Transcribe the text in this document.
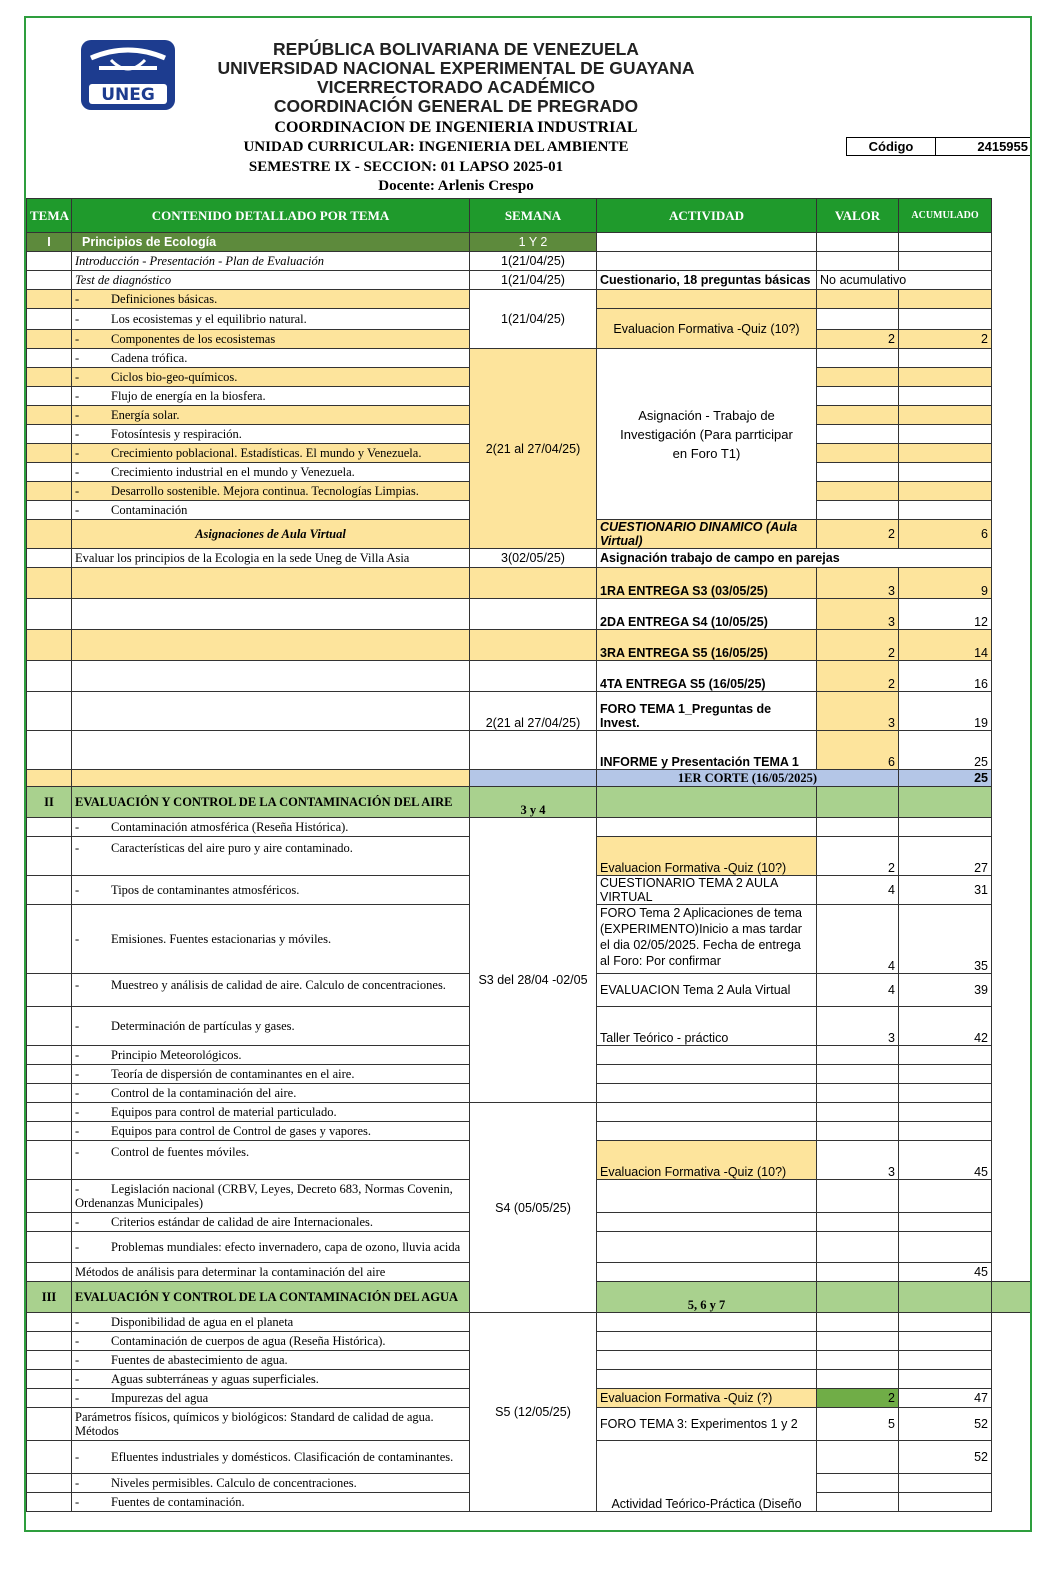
UNEG
REPÚBLICA BOLIVARIANA DE VENEZUELA
UNIVERSIDAD NACIONAL EXPERIMENTAL DE GUAYANA
VICERRECTORADO ACADÉMICO
COORDINACIÓN GENERAL DE PREGRADO
COORDINACION DE INGENIERIA INDUSTRIAL
UNIDAD CURRICULAR: INGENIERIA DEL AMBIENTE
SEMESTRE IX - SECCION: 01 LAPSO 2025-01
Docente: Arlenis Crespo
Código	2415955
TEMA	CONTENIDO DETALLADO POR TEMA	SEMANA	ACTIVIDAD	VALOR	ACUMULADO	
I	Principios de Ecología	1 Y 2				
	Introducción - Presentación - Plan de Evaluación	1(21/04/25)				
	Test de diagnóstico	1(21/04/25)	Cuestionario, 18 preguntas básicas	No acumulativo		
	- Definiciones básicas.	1(21/04/25)				
	- Los ecosistemas y el equilibrio natural.		Evaluacion Formativa -Quiz (10?)			
	- Componentes de los ecosistemas			2	2	
	- Cadena trófica.	2(21 al 27/04/25)	Asignación - Trabajo de Investigación (Para parrticipar en Foro T1)			
	- Ciclos bio-geo-químicos.		
	- Flujo de energía en la biosfera.		
	- Energía solar.		
	- Fotosíntesis y respiración.		
	- Crecimiento poblacional. Estadísticas. El mundo y Venezuela.		
	- Crecimiento industrial en el mundo y Venezuela.		
	- Desarrollo sostenible. Mejora continua. Tecnologías Limpias.		
	- Contaminación		
	Asignaciones de Aula Virtual		CUESTIONARIO DINAMICO (Aula Virtual)	2	6	
	Evaluar los principios de la Ecologia en la sede Uneg de Villa Asia	3(02/05/25)	Asignación trabajo de campo en parejas			
			1RA ENTREGA S3 (03/05/25)	3	9	
			2DA ENTREGA S4 (10/05/25)	3	12	
			3RA ENTREGA S5 (16/05/25)	2	14	
			4TA ENTREGA S5 (16/05/25)	2	16	
		2(21 al 27/04/25)	FORO TEMA 1_Preguntas de Invest.	3	19	
			INFORME y Presentación TEMA 1	6	25	
			1ER CORTE (16/05/2025)		25	
II	EVALUACIÓN Y CONTROL DE LA CONTAMINACIÓN DEL AIRE	3 y 4				
	- Contaminación atmosférica (Reseña Histórica).	S3 del 28/04 -02/05				
	- Características del aire puro y aire contaminado.		Evaluacion Formativa -Quiz (10?)	2	27	
	- Tipos de contaminantes atmosféricos.		CUESTIONARIO TEMA 2 AULA VIRTUAL	4	31	
	- Emisiones. Fuentes estacionarias y móviles.		FORO Tema 2 Aplicaciones de tema (EXPERIMENTO)Inicio a mas tardar el dia 02/05/2025. Fecha de entrega al Foro: Por confirmar	4	35	
	- Muestreo y análisis de calidad de aire. Calculo de concentraciones.		EVALUACION Tema 2 Aula Virtual	4	39	
	- Determinación de partículas y gases.		Taller Teórico - práctico	3	42	
	- Principio Meteorológicos.			
	- Teoría de dispersión de contaminantes en el aire.			
	- Control de la contaminación del aire.			
	- Equipos para control de material particulado.	S4 (05/05/25)				
	- Equipos para control de Control de gases y vapores.			
	- Control de fuentes móviles.		Evaluacion Formativa -Quiz (10?)	3	45	
	- Legislación nacional (CRBV, Leyes, Decreto 683, Normas Covenin, Ordenanzas Municipales)			
	- Criterios estándar de calidad de aire Internacionales.			
	- Problemas mundiales: efecto invernadero, capa de ozono, lluvia acida			
	Métodos de análisis para determinar la contaminación del aire				45	
III	EVALUACIÓN Y CONTROL DE LA CONTAMINACIÓN DEL AGUA		5, 6 y 7			
	- Disponibilidad de agua en el planeta	S5 (12/05/25)				
	- Contaminación de cuerpos de agua (Reseña Histórica).			
	- Fuentes de abastecimiento de agua.			
	- Aguas subterráneas y aguas superficiales.			
	- Impurezas del agua		Evaluacion Formativa -Quiz (?)	2	47	
	Parámetros físicos, químicos y biológicos: Standard de calidad de agua. Métodos		FORO TEMA 3: Experimentos 1 y 2	5	52	
	- Efluentes industriales y domésticos. Clasificación de contaminantes.		Actividad Teórico-Práctica (Diseño		52	
	- Niveles permisibles. Calculo de concentraciones.		
	- Fuentes de contaminación.		
